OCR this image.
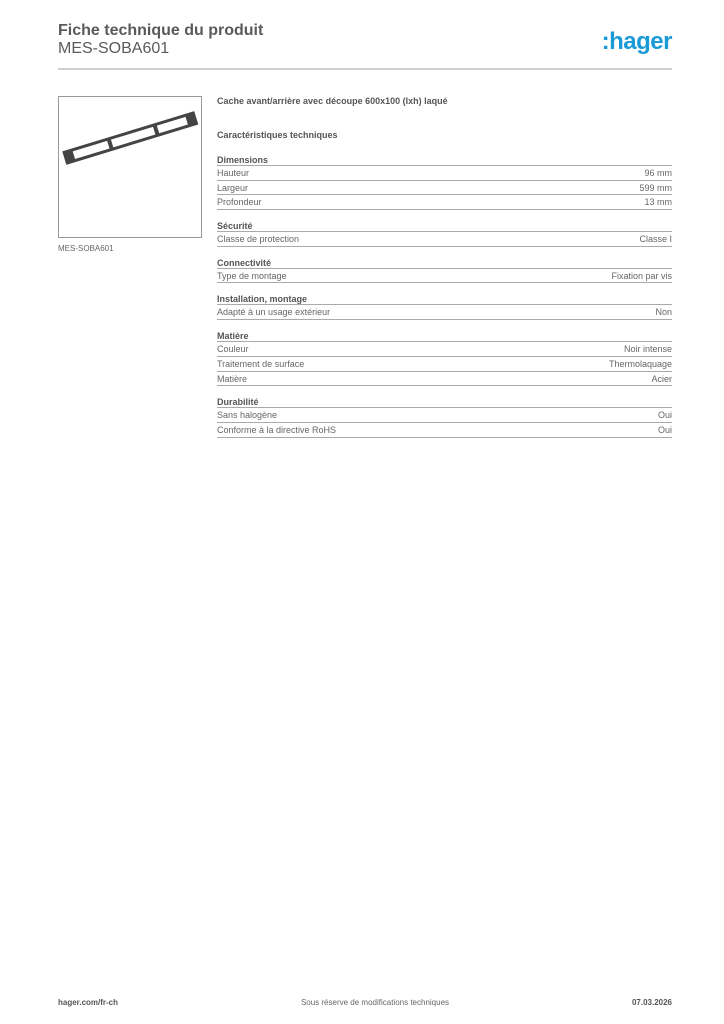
Fiche technique du produit
MES-SOBA601	:hager
MES-SOBA601
Cache avant/arrière avec découpe 600x100 (lxh) laqué
Caractéristiques techniques
Dimensions
Hauteur	96 mm
Largeur	599 mm
Profondeur	13 mm
Sécurité
Classe de protection	Classe I
Connectivité
Type de montage	Fixation par vis
Installation, montage
Adapté à un usage extérieur	Non
Matière
Couleur	Noir intense
Traitement de surface	Thermolaquage
Matière	Acier
Durabilité
Sans halogène	Oui
Conforme à la directive RoHS	Oui
hager.com/fr-ch	Sous réserve de modifications techniques	07.03.2026
